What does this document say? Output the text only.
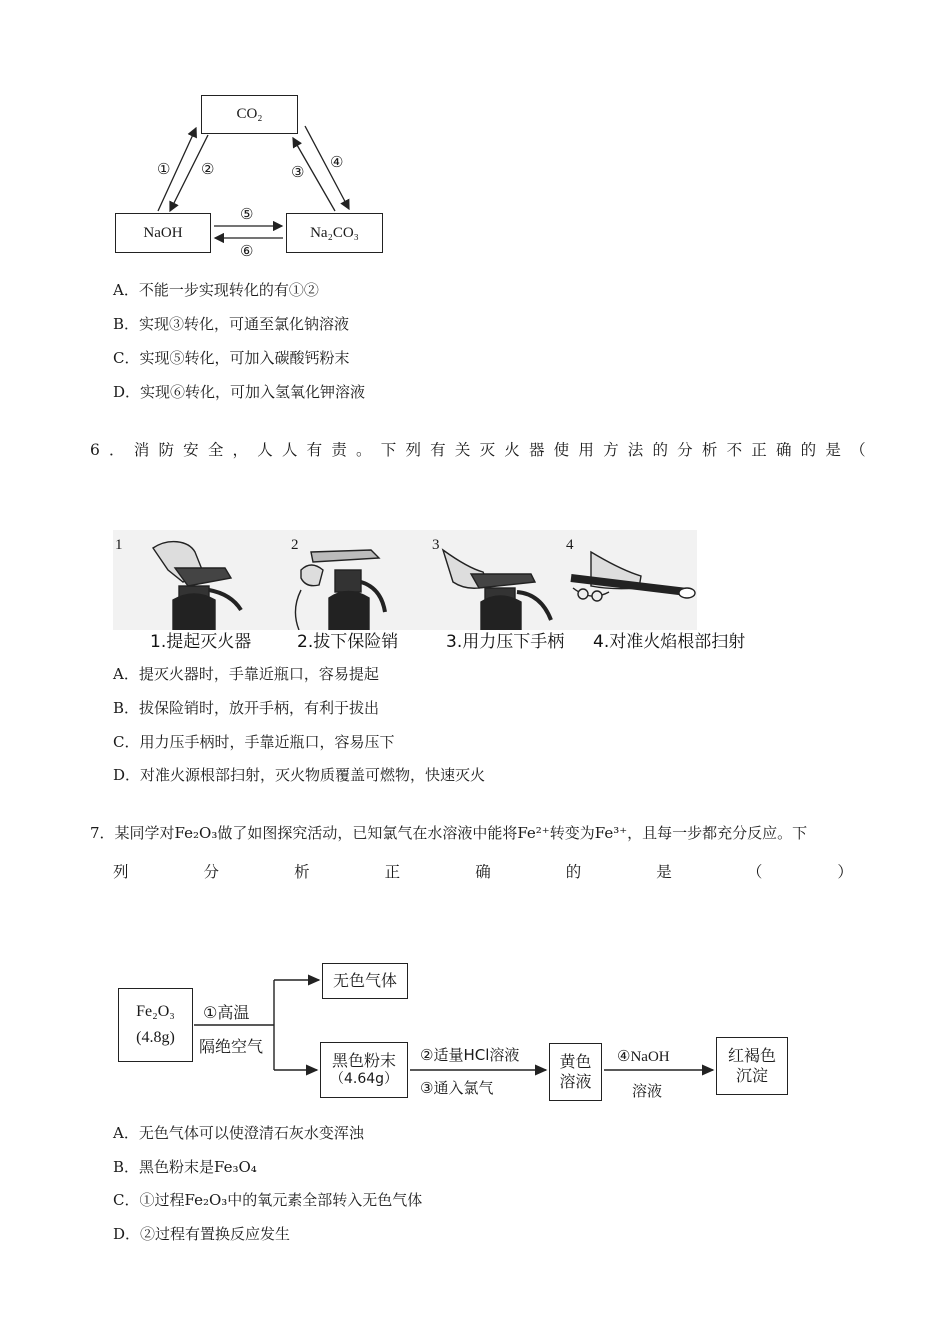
CO₂
NaOH	Na₂CO₃
① ②	③
④
⑤
⑥
A．不能一步实现转化的有①②
B．实现③转化，可通至氯化钠溶液
C．实现⑤转化，可加入碳酸钙粉末
D．实现⑥转化，可加入氢氧化钾溶液
6．消防安全，人人有责。下列有关灭火器使用方法的分析不正确的是（
1	2	3	4
1.提起灭火器	2.拔下保险销	3.用力压下手柄 4.对准火焰根部扫射
A．提灭火器时，手靠近瓶口，容易提起
B．拔保险销时，放开手柄，有利于拔出
C．用力压手柄时，手靠近瓶口，容易压下
D．对准火源根部扫射，灭火物质覆盖可燃物，快速灭火
7．某同学对Fe₂O₃做了如图探究活动，已知氯气在水溶液中能将Fe²⁺转变为Fe³⁺，且每一步都充分反应。下
列	分	析	正	确	的	是	（	）
Fe₂O₃
(4.8g)
无色气体
黑色粉末
（4.64g）
黄色溶液
红褐色沉淀
①高温
隔绝空气	②适量HCl溶液
③通入氯气
④NaOH
溶液
A．无色气体可以使澄清石灰水变浑浊
B．黑色粉末是Fe₃O₄
C．①过程Fe₂O₃中的氧元素全部转入无色气体
D．②过程有置换反应发生
